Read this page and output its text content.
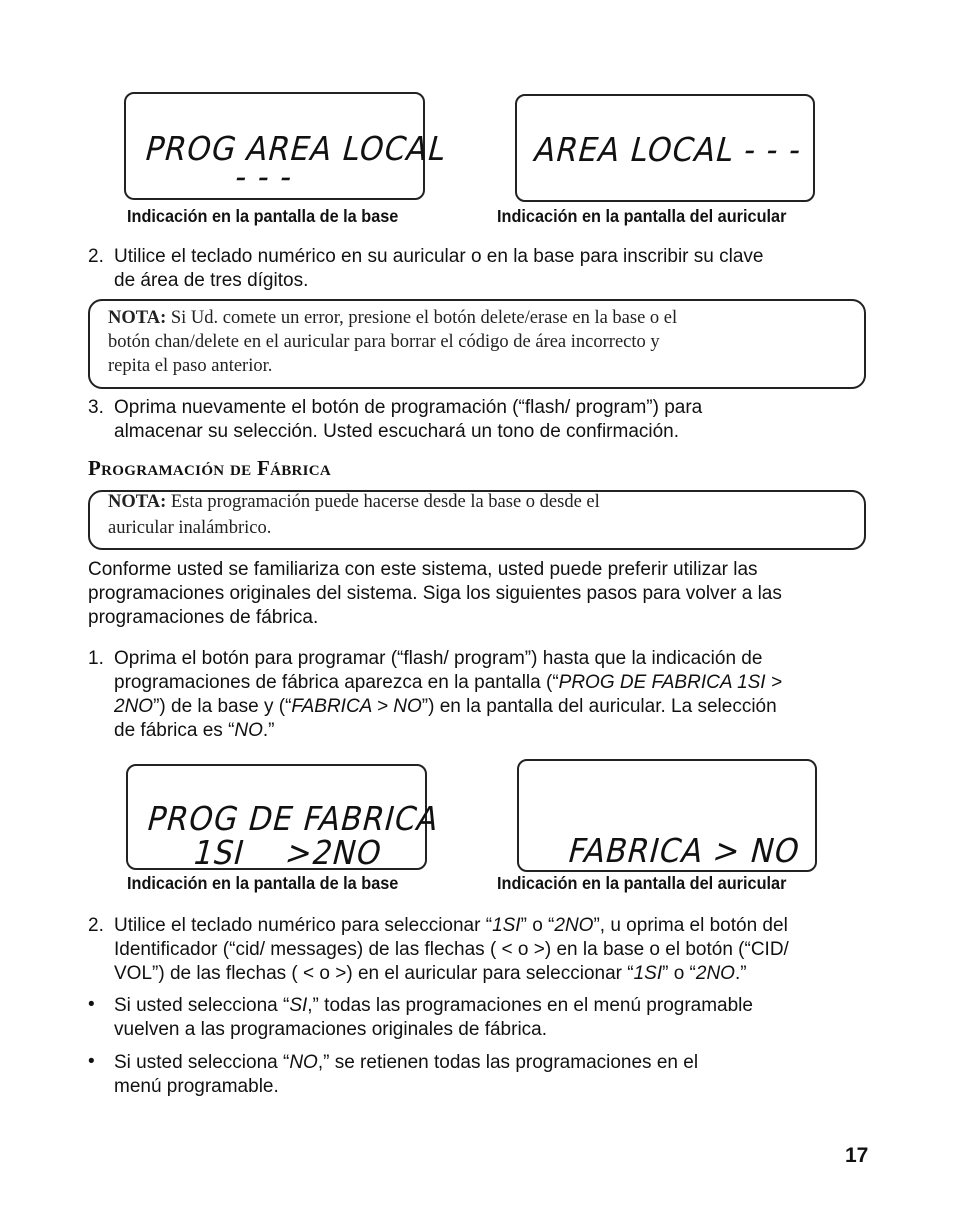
PROG AREA LOCAL
- - -
Indicación en la pantalla de la base
AREA LOCAL - - -
Indicación en la pantalla del auricular
2. Utilice el teclado numérico en su auricular o en la base para inscribir su clave
de área de tres dígitos.
NOTA: Si Ud. comete un error, presione el botón delete/erase en la base o el
botón chan/delete en el auricular para borrar el código de área incorrecto y
repita el paso anterior.
3. Oprima nuevamente el botón de programación (“flash/ program”) para
almacenar su selección. Usted escuchará un tono de confirmación.
Programación de Fábrica
NOTA: Esta programación puede hacerse desde la base o desde el
auricular inalámbrico.
Conforme usted se familiariza con este sistema, usted puede preferir utilizar las
programaciones originales del sistema. Siga los siguientes pasos para volver a las
programaciones de fábrica.
1. Oprima el botón para programar (“flash/ program”) hasta que la indicación de
programaciones de fábrica aparezca en la pantalla (“PROG DE FABRICA 1SI >
2NO”) de la base y (“FABRICA > NO”) en la pantalla del auricular. La selección
de fábrica es “NO.”
PROG DE FABRICA
1SI    >2NO
Indicación en la pantalla de la base
FABRICA > NO
Indicación en la pantalla del auricular
2. Utilice el teclado numérico para seleccionar “1SI” o “2NO”, u oprima el botón del
Identificador (“cid/ messages) de las flechas ( < o >) en la base o el botón (“CID/
VOL”) de las flechas ( < o >) en el auricular para seleccionar “1SI” o “2NO.”
• Si usted selecciona “SI,” todas las programaciones en el menú programable
vuelven a las programaciones originales de fábrica.
• Si usted selecciona “NO,” se retienen todas las programaciones en el
menú programable.
17
